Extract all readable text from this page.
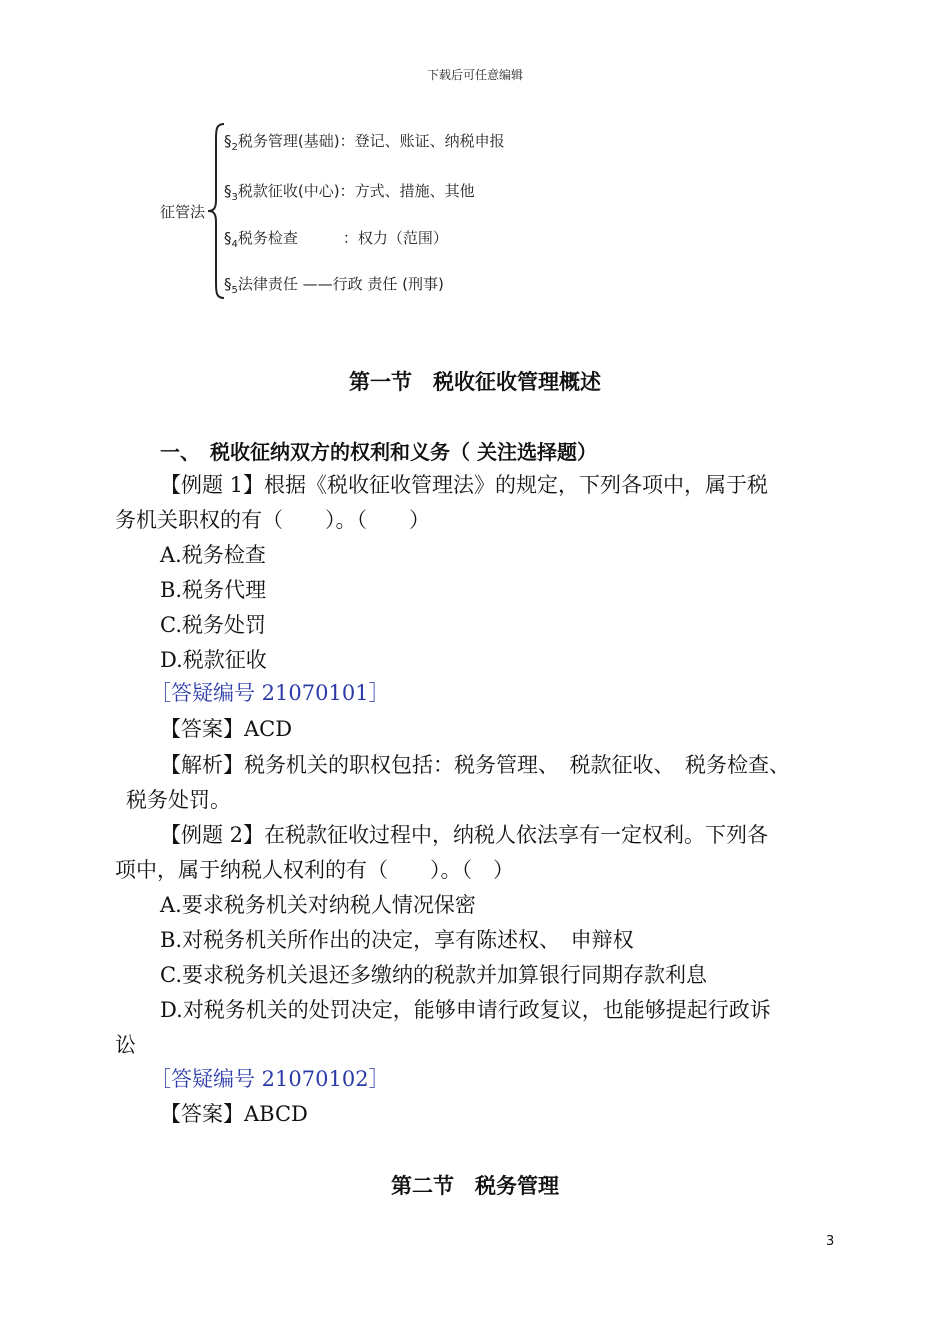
下载后可任意编辑
征管法
$\S_2$税务管理(基础)：登记、账证、纳税申报
$\S_3$税款征收(中心)：方式、措施、其他
$\S_4$税务检查　　　：权力（范围）
$\S_5$法律责任 ——行政 责任 (刑事)
第一节　税收征收管理概述
一、　税收征纳双方的权利和义务（ 关注选择题）
【例题 1】根据《税收征收管理法》的规定，下列各项中，属于税
务机关职权的有（　　）。（　　）
A.税务检查
B.税务代理
C.税务处罚
D.税款征收
［答疑编号 21070101］
【答案】ACD
【解析】税务机关的职权包括：税务管理、　税款征收、　税务检查、
税务处罚。
【例题 2】在税款征收过程中，纳税人依法享有一定权利。下列各
项中，属于纳税人权利的有（　　）。（　）
A.要求税务机关对纳税人情况保密
B.对税务机关所作出的决定，享有陈述权、　申辩权
C.要求税务机关退还多缴纳的税款并加算银行同期存款利息
D.对税务机关的处罚决定，能够申请行政复议，也能够提起行政诉
讼
［答疑编号 21070102］
【答案】ABCD
第二节　税务管理
3
